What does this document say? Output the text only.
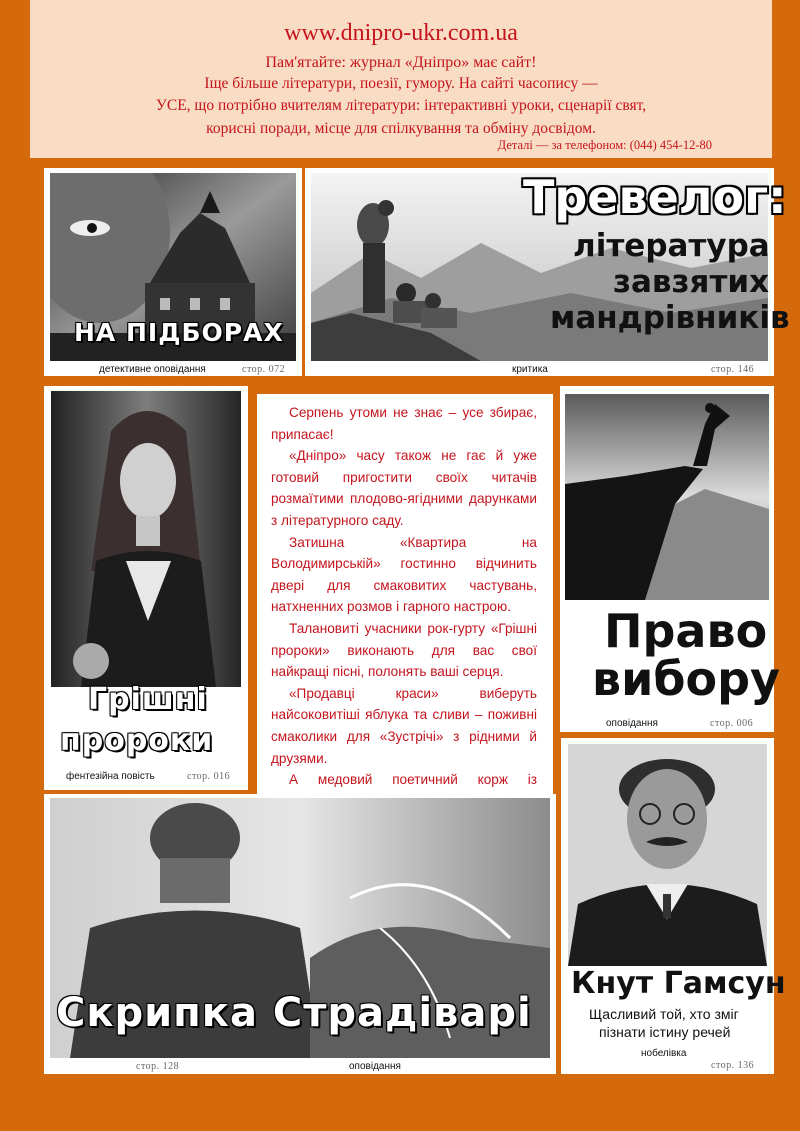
www.dnipro-ukr.com.ua
Пам'ятайте: журнал «Дніпро» має сайт!
Іще більше літератури, поезії, гумору. На сайті часопису —
УСЕ, що потрібно вчителям літератури: інтерактивні уроки, сценарії свят,
корисні поради, місце для спілкування та обміну досвідом.
Деталі — за телефоном: (044) 454-12-80
НА ПІДБОРАХ
детективне оповідання	стор. 072
Тревелог:
література
завзятих
мандрівників
критика	стор. 146
Грішні
пророки
фентезійна повість	стор. 016

Серпень утоми не знає – усе збирає, припасає!

«Дніпро» часу також не гає й уже готовий пригостити своїх читачів розмаїтими плодово-ягідними дарунками з літературного саду.

Затишна «Квартира на Володимирській» гостинно відчинить двері для смаковитих частувань, натхненних розмов і гарного настрою.

Талановиті учасники рок-гурту «Грішні пророки» виконають для вас свої найкращі пісні, полонять ваші серця.

«Продавці краси» виберуть найсоковитіші яблука та сливи – поживні смаколики для «Зустрічі» з рідними й друзями.

А медовий поетичний корж із

Право
вибору
оповідання	стор. 006
Скрипка Страдіварі
стор. 128	оповідання
Кнут Гамсун
Щасливий той, хто зміг
пізнати істину речей
нобелівка
стор. 136
